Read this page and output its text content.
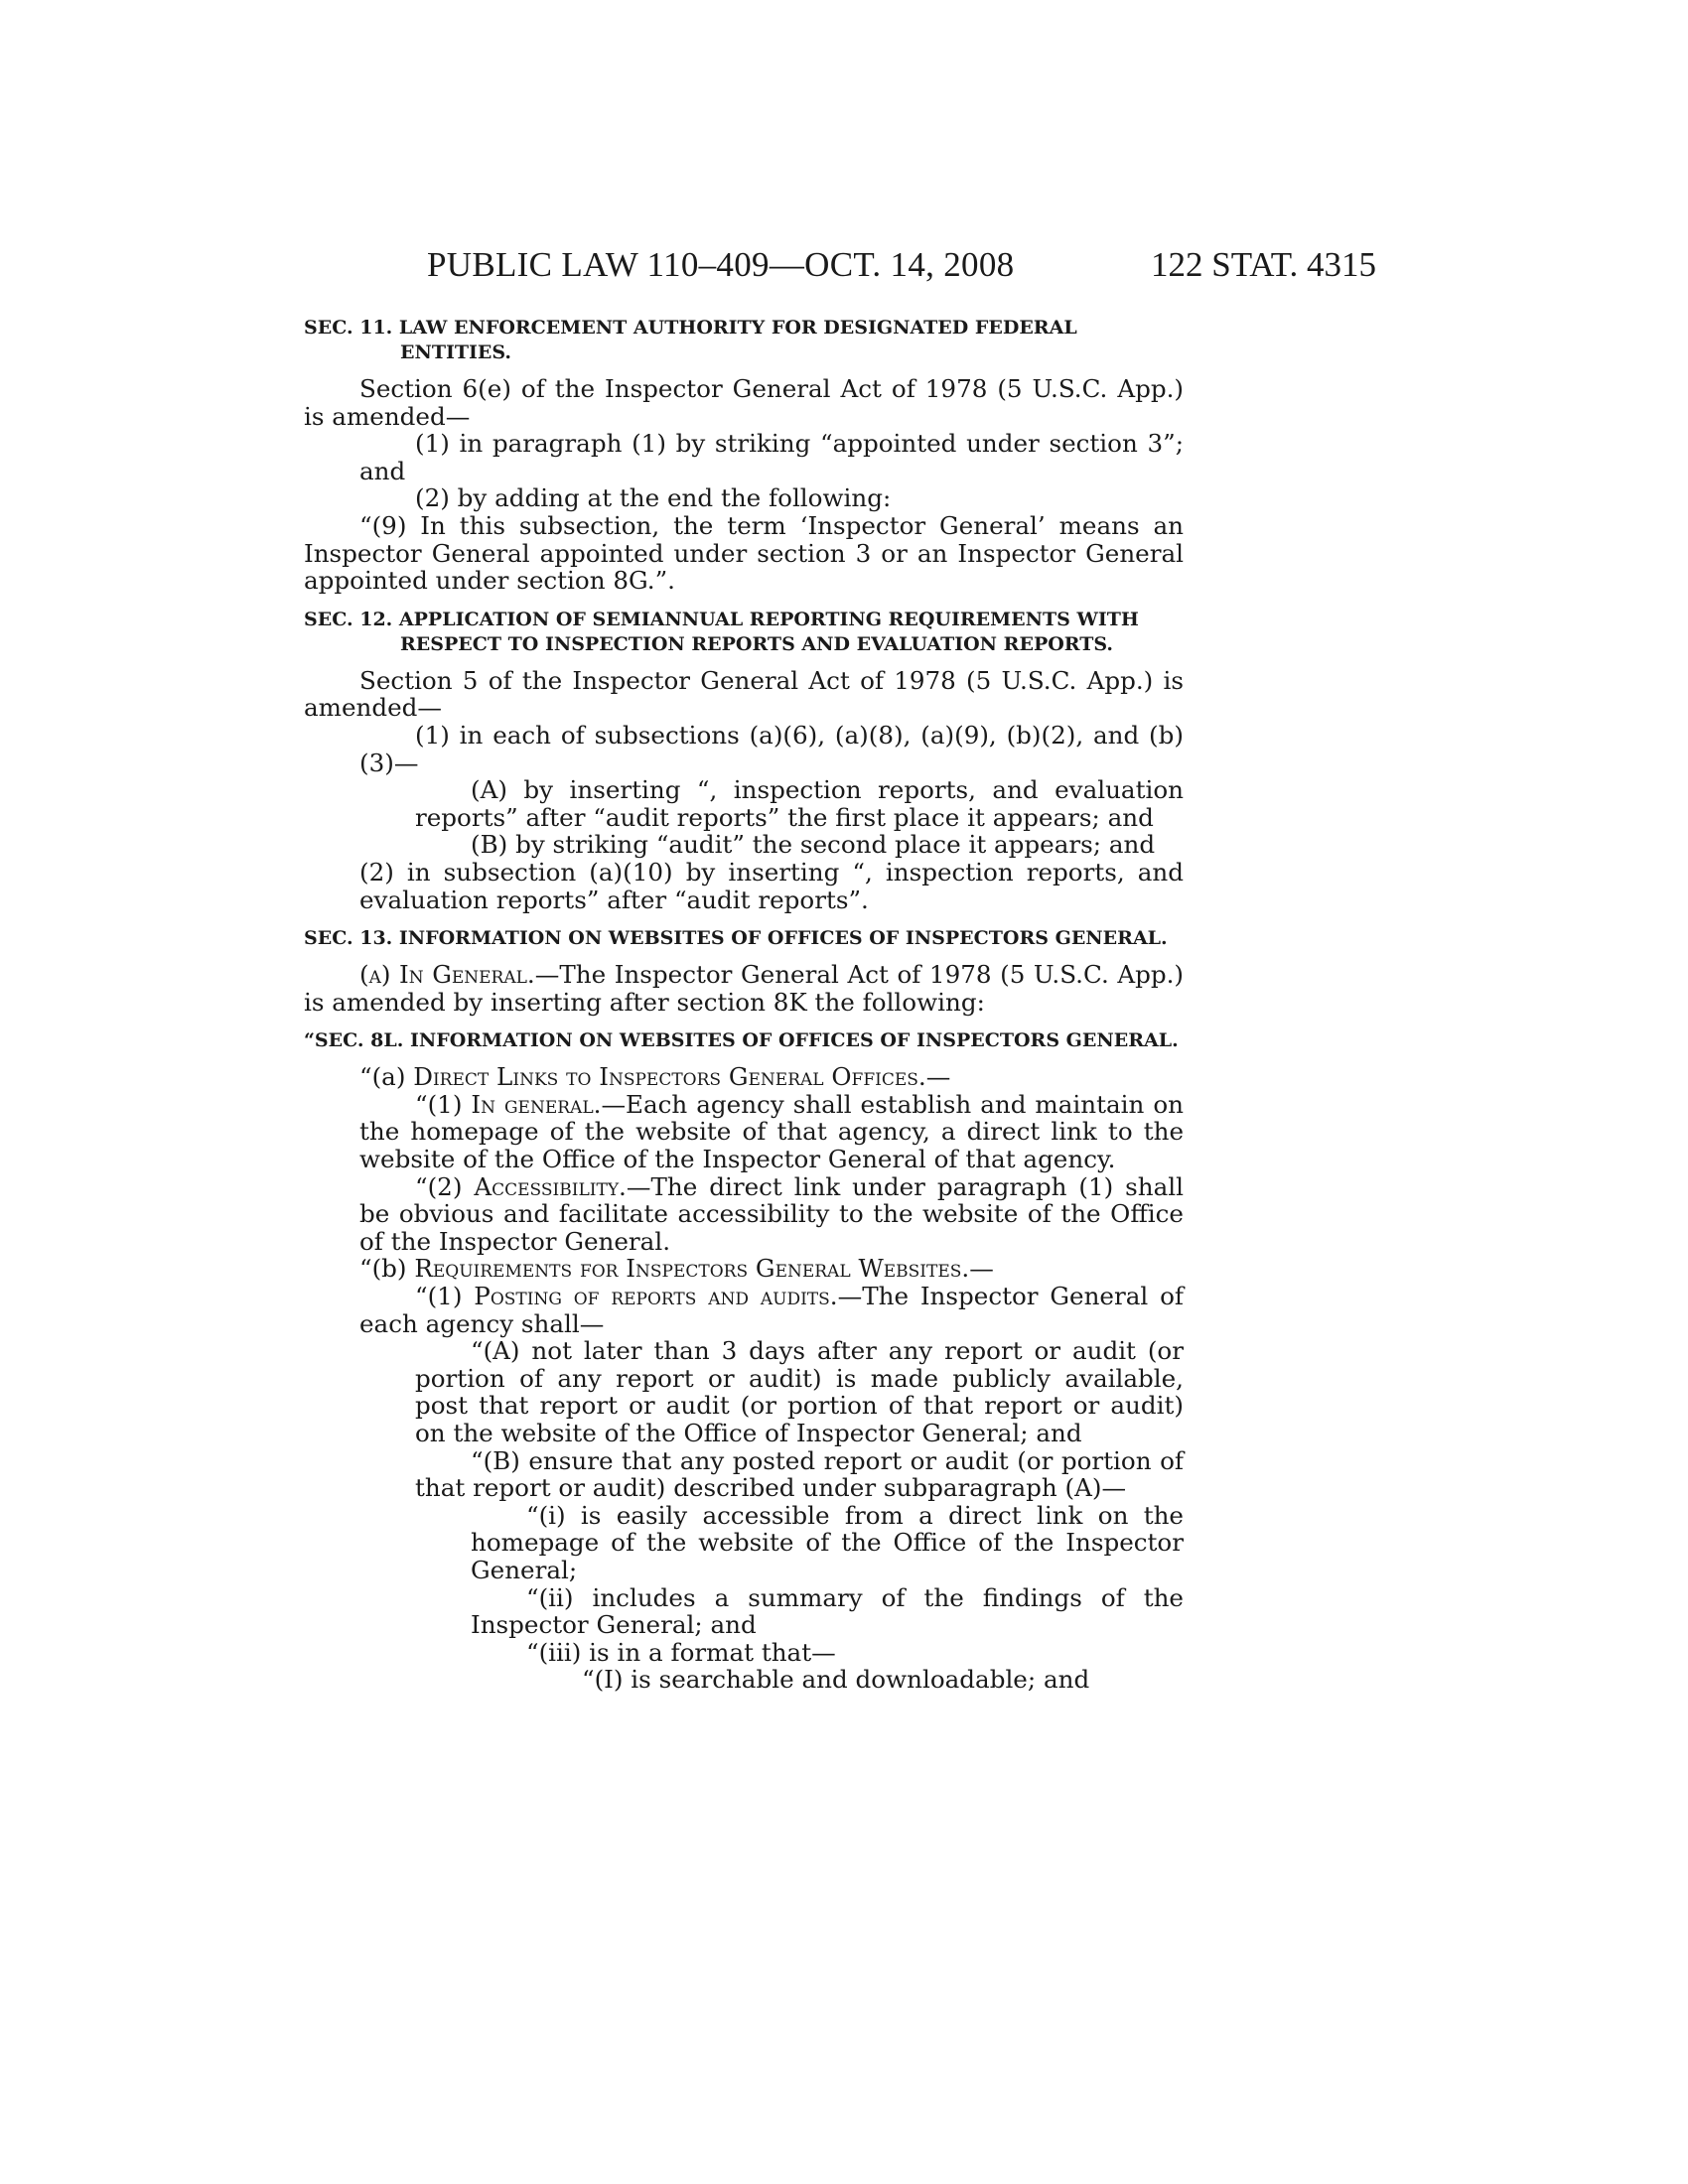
PUBLIC LAW 110–409—OCT. 14, 2008	122 STAT. 4315

SEC. 11. LAW ENFORCEMENT AUTHORITY FOR DESIGNATED FEDERAL ENTITIES.

Section 6(e) of the Inspector General Act of 1978 (5 U.S.C. App.) is amended—

(1) in paragraph (1) by striking “appointed under section 3”; and

(2) by adding at the end the following:

“(9) In this subsection, the term ‘Inspector General’ means an Inspector General appointed under section 3 or an Inspector General appointed under section 8G.”.

SEC. 12. APPLICATION OF SEMIANNUAL REPORTING REQUIREMENTS WITH RESPECT TO INSPECTION REPORTS AND EVALUATION REPORTS.

Section 5 of the Inspector General Act of 1978 (5 U.S.C. App.) is amended—

(1) in each of subsections (a)(6), (a)(8), (a)(9), (b)(2), and (b)(3)—

(A) by inserting “, inspection reports, and evaluation reports” after “audit reports” the first place it appears; and

(B) by striking “audit” the second place it appears; and

(2) in subsection (a)(10) by inserting “, inspection reports, and evaluation reports” after “audit reports”.

SEC. 13. INFORMATION ON WEBSITES OF OFFICES OF INSPECTORS GENERAL.

(a) In General.—The Inspector General Act of 1978 (5 U.S.C. App.) is amended by inserting after section 8K the following:

“SEC. 8L. INFORMATION ON WEBSITES OF OFFICES OF INSPECTORS GENERAL.

“(a) Direct Links to Inspectors General Offices.—

“(1) In general.—Each agency shall establish and maintain on the homepage of the website of that agency, a direct link to the website of the Office of the Inspector General of that agency.

“(2) Accessibility.—The direct link under paragraph (1) shall be obvious and facilitate accessibility to the website of the Office of the Inspector General.

“(b) Requirements for Inspectors General Websites.—

“(1) Posting of reports and audits.—The Inspector General of each agency shall—

“(A) not later than 3 days after any report or audit (or portion of any report or audit) is made publicly available, post that report or audit (or portion of that report or audit) on the website of the Office of Inspector General; and

“(B) ensure that any posted report or audit (or portion of that report or audit) described under subparagraph (A)—

“(i) is easily accessible from a direct link on the homepage of the website of the Office of the Inspector General;

“(ii) includes a summary of the findings of the Inspector General; and

“(iii) is in a format that—

“(I) is searchable and downloadable; and
